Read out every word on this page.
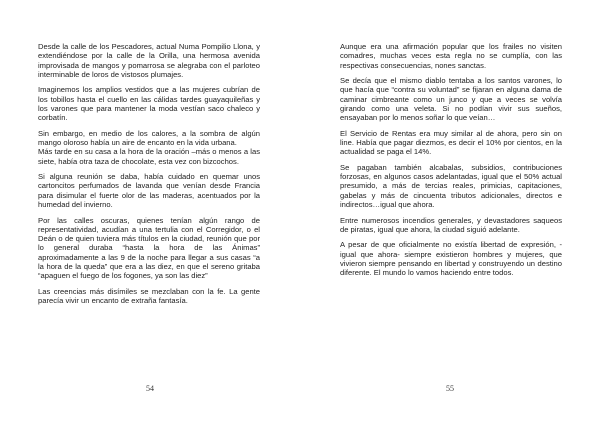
Desde la calle de los Pescadores, actual Numa Pompilio Llona, y extendiéndose por la calle de la Orilla, una hermosa avenida improvisada de mangos y pomarrosa se alegraba con el parloteo interminable de loros de vistosos plumajes.

Imaginemos los amplios vestidos que a las mujeres cubrían de los tobillos hasta el cuello en las cálidas tardes guayaquileñas y los varones que para mantener la moda vestían saco chaleco y corbatín.

Sin embargo, en medio de los calores, a la sombra de algún mango oloroso había un aire de encanto en la vida urbana.

Más tarde en su casa a la hora de la oración –más o menos a las siete, había otra taza de chocolate, esta vez con bizcochos.

Si alguna reunión se daba, había cuidado en quemar unos cartoncitos perfumados de lavanda que venían desde Francia para disimular el fuerte olor de las maderas, acentuados por la humedad del invierno.

Por las calles oscuras, quienes tenían algún rango de representatividad, acudían a una tertulia con el Corregidor, o el Deán o de quien tuviera más títulos en la ciudad, reunión que por lo general duraba “hasta la hora de las Ánimas” aproximadamente a las 9 de la noche para llegar a sus casas “a la hora de la queda” que era a las diez, en que el sereno gritaba “apaguen el fuego de los fogones, ya son las diez”

Las creencias más disímiles se mezclaban con la fe. La gente parecía vivir un encanto de extraña fantasía.

54

Aunque era una afirmación popular que los frailes no visiten comadres, muchas veces esta regla no se cumplía, con las respectivas consecuencias, nones sanctas.

Se decía que el mismo diablo tentaba a los santos varones, lo que hacía que “contra su voluntad” se fijaran en alguna dama de caminar cimbreante como un junco y que a veces se volvía girando como una veleta. Si no podían vivir sus sueños, ensayaban por lo menos soñar lo que veían…

El Servicio de Rentas era muy similar al de ahora, pero sin on line. Había que pagar diezmos, es decir el 10% por cientos, en la actualidad se paga el 14%.

Se pagaban también alcabalas, subsidios, contribuciones forzosas, en algunos casos adelantadas, igual que el 50% actual presumido, a más de tercias reales, primicias, capitaciones, gabelas y más de cincuenta tributos adicionales, directos e indirectos…igual que ahora.

Entre numerosos incendios generales, y devastadores saqueos de piratas, igual que ahora, la ciudad siguió adelante.

A pesar de que oficialmente no existía libertad de expresión, -igual que ahora- siempre existieron hombres y mujeres, que vivieron siempre pensando en libertad y construyendo un destino diferente. El mundo lo vamos haciendo entre todos.

55
